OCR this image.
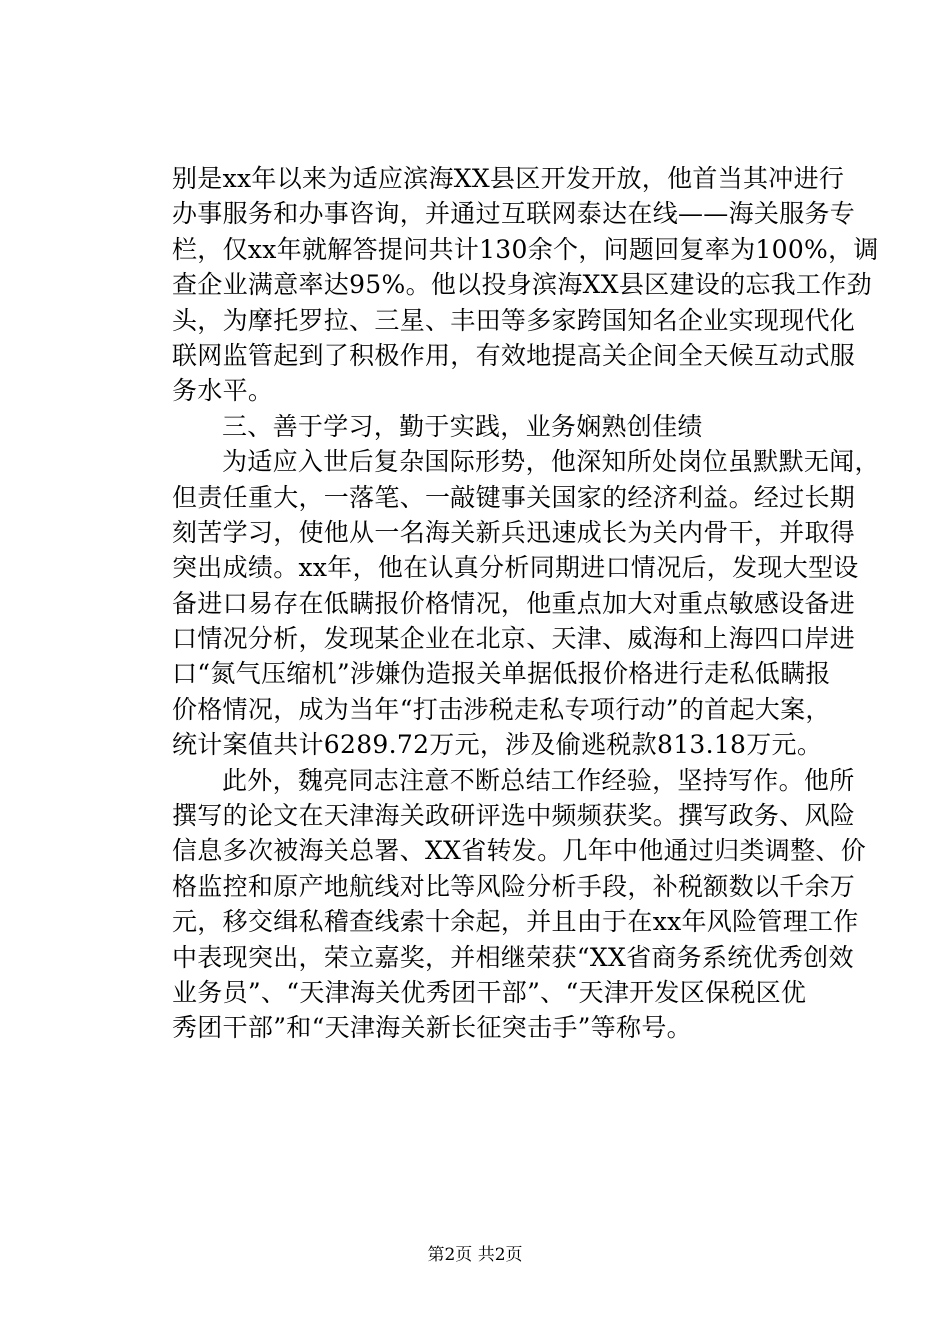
别是xx年以来为适应滨海XX县区开发开放，他首当其冲进行
办事服务和办事咨询，并通过互联网泰达在线——海关服务专
栏，仅xx年就解答提问共计130余个，问题回复率为100%，调
查企业满意率达95%。他以投身滨海XX县区建设的忘我工作劲
头，为摩托罗拉、三星、丰田等多家跨国知名企业实现现代化
联网监管起到了积极作用，有效地提高关企间全天候互动式服
务水平。
三、善于学习，勤于实践，业务娴熟创佳绩
为适应入世后复杂国际形势，他深知所处岗位虽默默无闻，
但责任重大，一落笔、一敲键事关国家的经济利益。经过长期
刻苦学习，使他从一名海关新兵迅速成长为关内骨干，并取得
突出成绩。xx年，他在认真分析同期进口情况后，发现大型设
备进口易存在低瞒报价格情况，他重点加大对重点敏感设备进
口情况分析，发现某企业在北京、天津、威海和上海四口岸进
口“氮气压缩机”涉嫌伪造报关单据低报价格进行走私低瞒报
价格情况，成为当年“打击涉税走私专项行动”的首起大案，
统计案值共计6289.72万元，涉及偷逃税款813.18万元。
此外，魏亮同志注意不断总结工作经验，坚持写作。他所
撰写的论文在天津海关政研评选中频频获奖。撰写政务、风险
信息多次被海关总署、XX省转发。几年中他通过归类调整、价
格监控和原产地航线对比等风险分析手段，补税额数以千余万
元，移交缉私稽查线索十余起，并且由于在xx年风险管理工作
中表现突出，荣立嘉奖，并相继荣获“XX省商务系统优秀创效
业务员”、“天津海关优秀团干部”、“天津开发区保税区优
秀团干部”和“天津海关新长征突击手”等称号。
第2页 共2页
